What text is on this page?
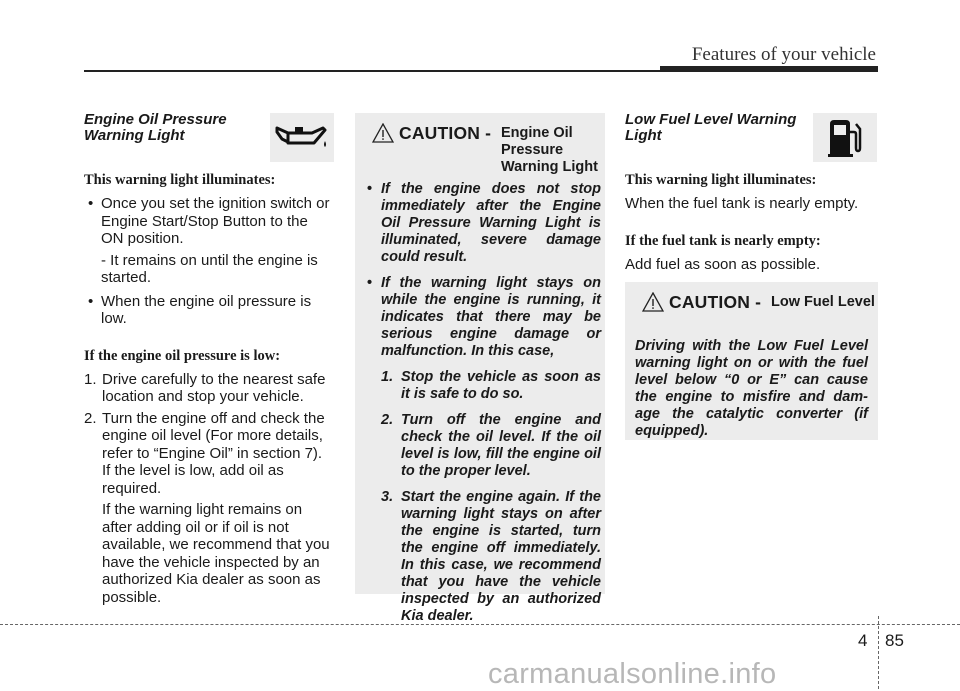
Features of your vehicle
Engine Oil Pressure Warning Light

This warning light illuminates:

• Once you set the ignition switch or Engine Start/Stop Button to the ON position.

- It remains on until the engine is started.

• When the engine oil pressure is low.

If the engine oil pressure is low:

1. Drive carefully to the nearest safe location and stop your vehicle.
2. Turn the engine off and check the engine oil level (For more details, refer to “Engine Oil” in section 7). If the level is low, add oil as required.

If the warning light remains on after adding oil or if oil is not available, we recommend that you have the vehicle inspected by an authorized Kia dealer as soon as possible.

CAUTION - Engine Oil Pressure Warning Light

• If the engine does not stop immediately after the Engine Oil Pressure Warning Light is illuminated, severe damage could result.

• If the warning light stays on while the engine is running, it indicates that there may be serious engine damage or malfunction. In this case,

1. Stop the vehicle as soon as it is safe to do so.
2. Turn off the engine and check the oil level. If the oil level is low, fill the engine oil to the proper level.
3. Start the engine again. If the warning light stays on after the engine is started, turn the engine off immediately. In this case, we recommend that you have the vehicle inspected by an authorized Kia dealer.
Low Fuel Level Warning Light

This warning light illuminates:

When the fuel tank is nearly empty.

If the fuel tank is nearly empty:

Add fuel as soon as possible.

CAUTION - Low Fuel Level

Driving with the Low Fuel Level warning light on or with the fuel level below “0 or E” can cause the engine to misfire and dam-age the catalytic converter (if equipped).

4 85
carmanualsonline.info
